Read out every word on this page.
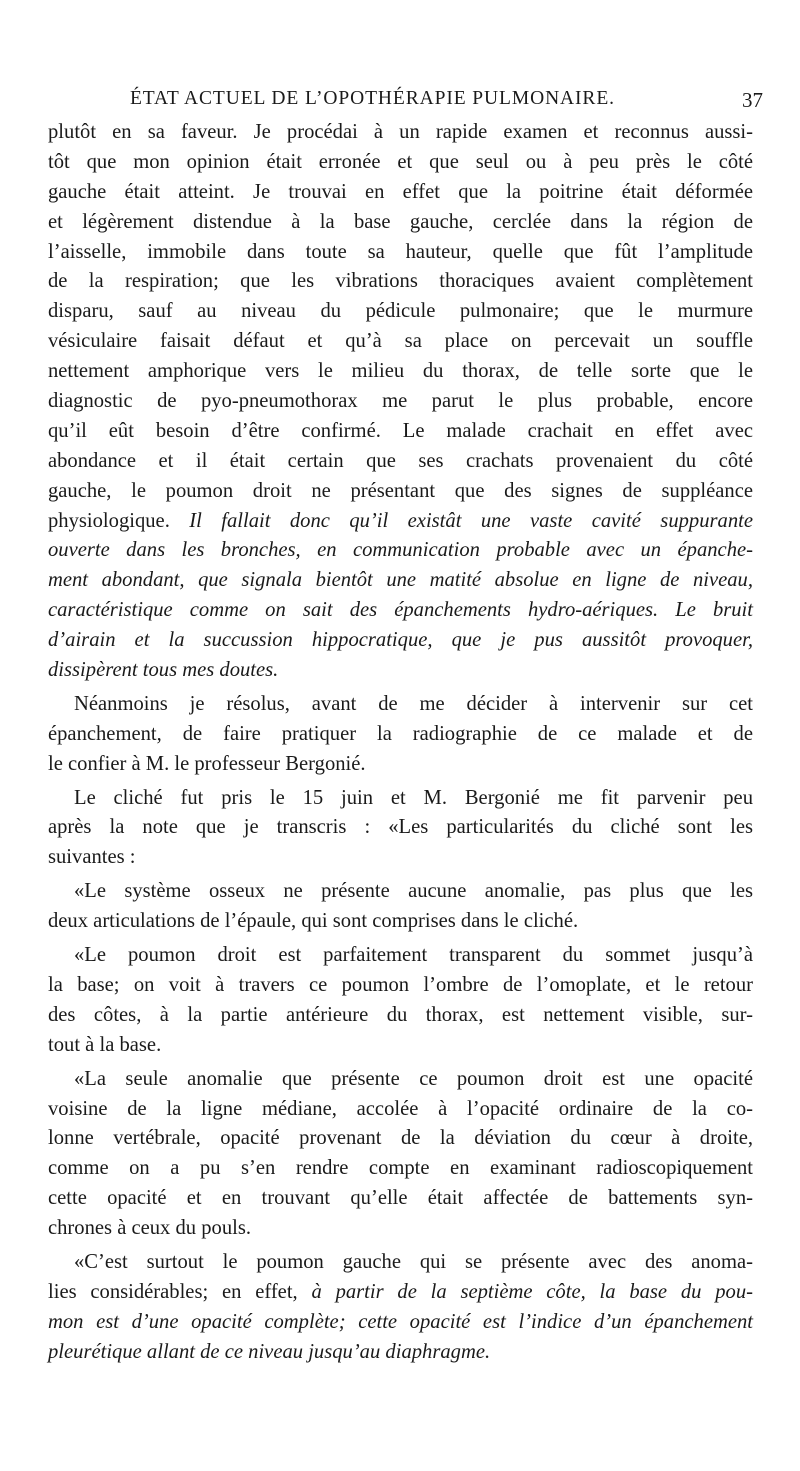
ÉTAT ACTUEL DE L’OPOTHÉRAPIE PULMONAIRE.	37
plutôt en sa faveur. Je procédai à un rapide examen et reconnus aussi-
tôt que mon opinion était erronée et que seul ou à peu près le côté
gauche était atteint. Je trouvai en effet que la poitrine était déformée
et légèrement distendue à la base gauche, cerclée dans la région de
l’aisselle, immobile dans toute sa hauteur, quelle que fût l’amplitude
de la respiration; que les vibrations thoraciques avaient complètement
disparu, sauf au niveau du pédicule pulmonaire; que le murmure
vésiculaire faisait défaut et qu’à sa place on percevait un souffle
nettement amphorique vers le milieu du thorax, de telle sorte que le
diagnostic de pyo-pneumothorax me parut le plus probable, encore
qu’il eût besoin d’être confirmé. Le malade crachait en effet avec
abondance et il était certain que ses crachats provenaient du côté
gauche, le poumon droit ne présentant que des signes de suppléance
physiologique. Il fallait donc qu’il existât une vaste cavité suppurante
ouverte dans les bronches, en communication probable avec un épanche-
ment abondant, que signala bientôt une matité absolue en ligne de niveau,
caractéristique comme on sait des épanchements hydro-aériques. Le bruit
d’airain et la succussion hippocratique, que je pus aussitôt provoquer,
dissipèrent tous mes doutes.
Néanmoins je résolus, avant de me décider à intervenir sur cet
épanchement, de faire pratiquer la radiographie de ce malade et de
le confier à M. le professeur Bergonié.
Le cliché fut pris le 15 juin et M. Bergonié me fit parvenir peu
après la note que je transcris : «Les particularités du cliché sont les
suivantes :
«Le système osseux ne présente aucune anomalie, pas plus que les
deux articulations de l’épaule, qui sont comprises dans le cliché.
«Le poumon droit est parfaitement transparent du sommet jusqu’à
la base; on voit à travers ce poumon l’ombre de l’omoplate, et le retour
des côtes, à la partie antérieure du thorax, est nettement visible, sur-
tout à la base.
«La seule anomalie que présente ce poumon droit est une opacité
voisine de la ligne médiane, accolée à l’opacité ordinaire de la co-
lonne vertébrale, opacité provenant de la déviation du cœur à droite,
comme on a pu s’en rendre compte en examinant radioscopiquement
cette opacité et en trouvant qu’elle était affectée de battements syn-
chrones à ceux du pouls.
«C’est surtout le poumon gauche qui se présente avec des anoma-
lies considérables; en effet, à partir de la septième côte, la base du pou-
mon est d’une opacité complète; cette opacité est l’indice d’un épanchement
pleurétique allant de ce niveau jusqu’au diaphragme.
